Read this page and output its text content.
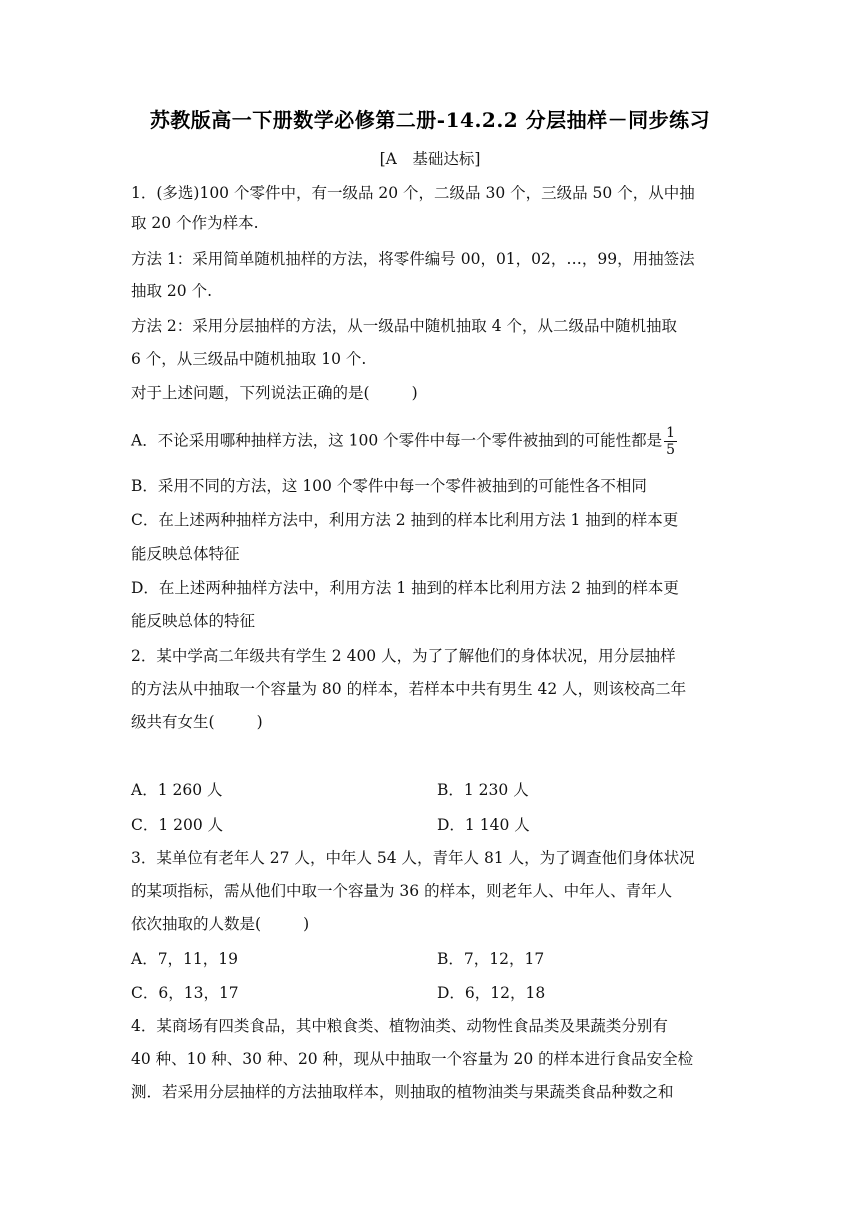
苏教版高一下册数学必修第二册-14.2.2 分层抽样－同步练习
[A　基础达标]
1．(多选)100 个零件中，有一级品 20 个，二级品 30 个，三级品 50 个，从中抽
取 20 个作为样本.
方法 1：采用简单随机抽样的方法，将零件编号 00，01，02，…，99，用抽签法
抽取 20 个.
方法 2：采用分层抽样的方法，从一级品中随机抽取 4 个，从二级品中随机抽取
6 个，从三级品中随机抽取 10 个.
对于上述问题，下列说法正确的是(	)
A．不论采用哪种抽样方法，这 100 个零件中每一个零件被抽到的可能性都是 $\frac{1}{5}$
B．采用不同的方法，这 100 个零件中每一个零件被抽到的可能性各不相同
C．在上述两种抽样方法中，利用方法 2 抽到的样本比利用方法 1 抽到的样本更
能反映总体特征
D．在上述两种抽样方法中，利用方法 1 抽到的样本比利用方法 2 抽到的样本更
能反映总体的特征
2．某中学高二年级共有学生 2 400 人，为了了解他们的身体状况，用分层抽样
的方法从中抽取一个容量为 80 的样本，若样本中共有男生 42 人，则该校高二年
级共有女生(	)
A．1 260 人	B．1 230 人
C．1 200 人	D．1 140 人
3．某单位有老年人 27 人，中年人 54 人，青年人 81 人，为了调查他们身体状况
的某项指标，需从他们中取一个容量为 36 的样本，则老年人、中年人、青年人
依次抽取的人数是(	)
A．7，11，19	B．7，12，17
C．6，13，17	D．6，12，18
4．某商场有四类食品，其中粮食类、植物油类、动物性食品类及果蔬类分别有
40 种、10 种、30 种、20 种，现从中抽取一个容量为 20 的样本进行食品安全检
测．若采用分层抽样的方法抽取样本，则抽取的植物油类与果蔬类食品种数之和
